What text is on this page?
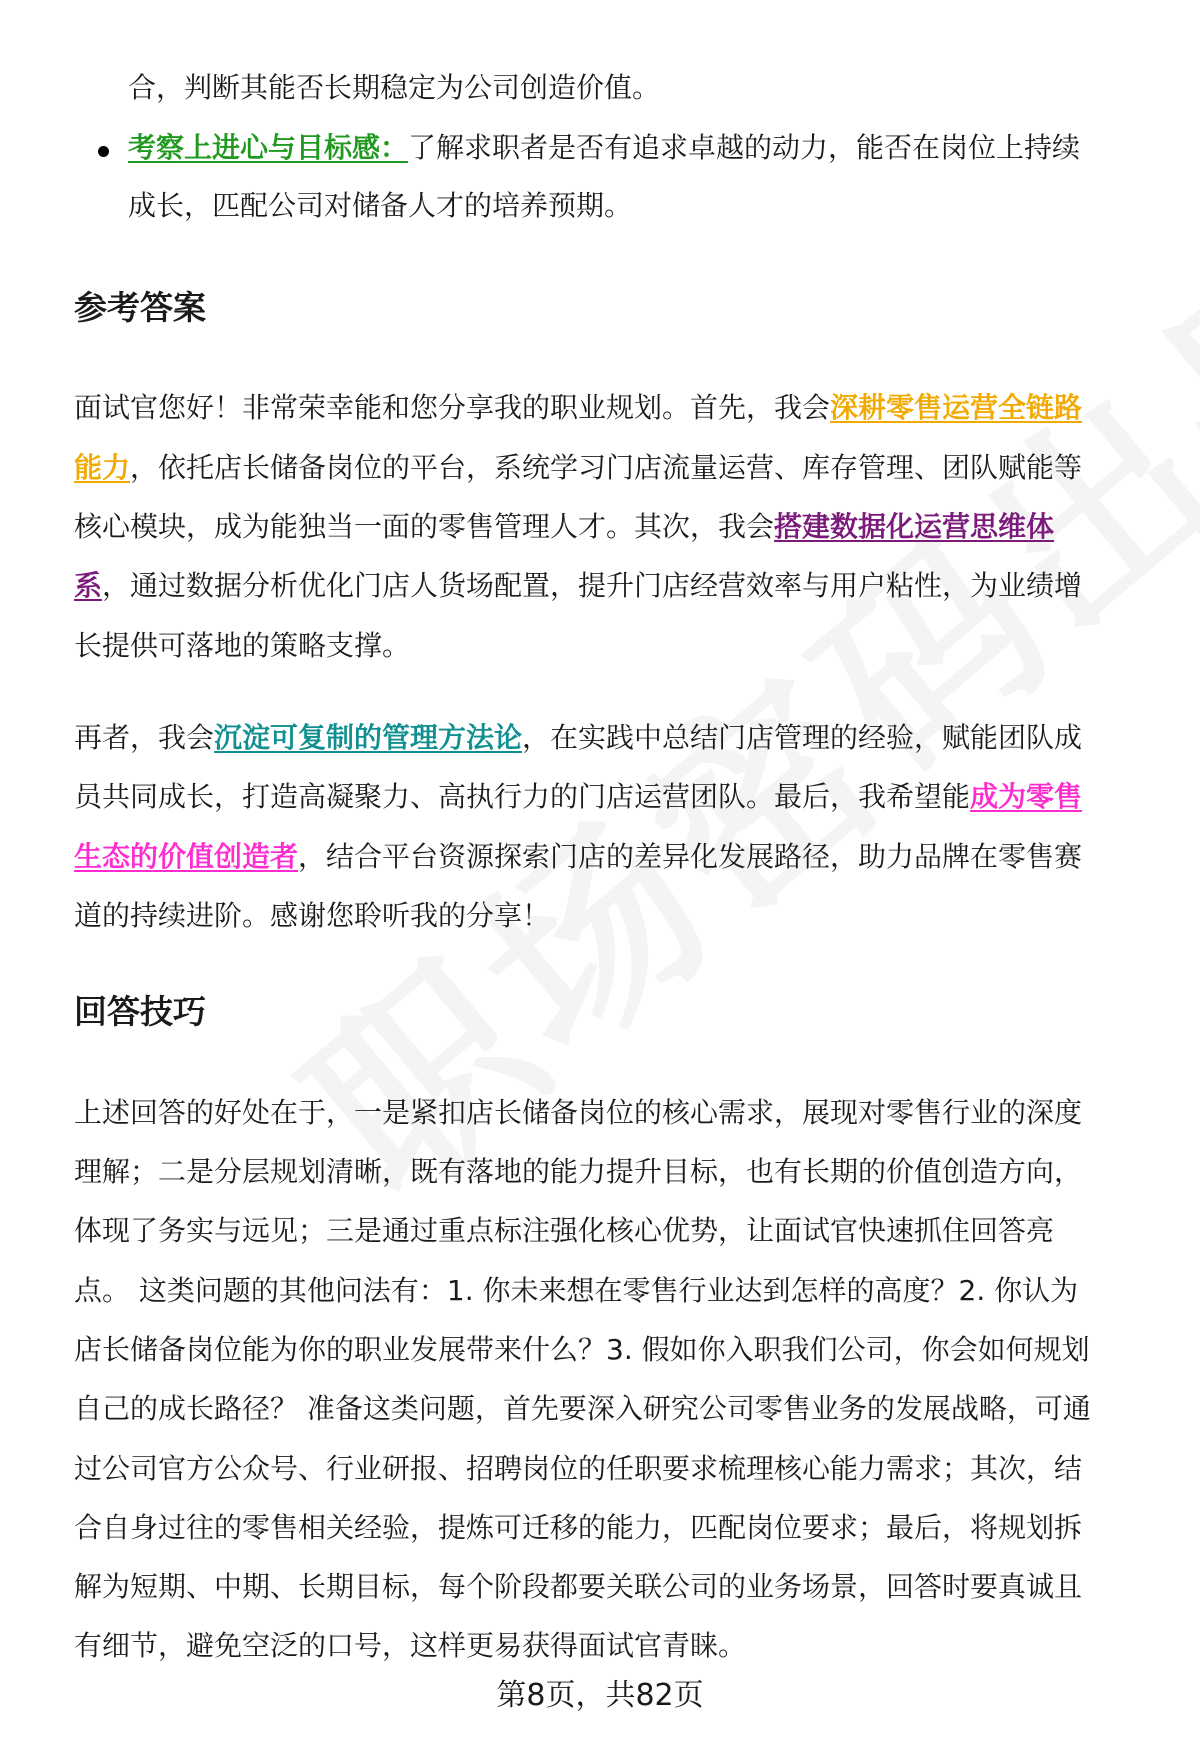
合，判断其能否长期稳定为公司创造价值。
考察上进心与目标感：了解求职者是否有追求卓越的动力，能否在岗位上持续
成长，匹配公司对储备人才的培养预期。
参考答案
面试官您好！非常荣幸能和您分享我的职业规划。首先，我会深耕零售运营全链路
能力，依托店长储备岗位的平台，系统学习门店流量运营、库存管理、团队赋能等
核心模块，成为能独当一面的零售管理人才。其次，我会搭建数据化运营思维体
系，通过数据分析优化门店人货场配置，提升门店经营效率与用户粘性，为业绩增
长提供可落地的策略支撑。
再者，我会沉淀可复制的管理方法论，在实践中总结门店管理的经验，赋能团队成
员共同成长，打造高凝聚力、高执行力的门店运营团队。最后，我希望能成为零售
生态的价值创造者，结合平台资源探索门店的差异化发展路径，助力品牌在零售赛
道的持续进阶。感谢您聆听我的分享！
回答技巧
上述回答的好处在于，一是紧扣店长储备岗位的核心需求，展现对零售行业的深度
理解；二是分层规划清晰，既有落地的能力提升目标，也有长期的价值创造方向，
体现了务实与远见；三是通过重点标注强化核心优势，让面试官快速抓住回答亮
点。 这类问题的其他问法有：1. 你未来想在零售行业达到怎样的高度？2. 你认为
店长储备岗位能为你的职业发展带来什么？3. 假如你入职我们公司，你会如何规划
自己的成长路径？ 准备这类问题，首先要深入研究公司零售业务的发展战略，可通
过公司官方公众号、行业研报、招聘岗位的任职要求梳理核心能力需求；其次，结
合自身过往的零售相关经验，提炼可迁移的能力，匹配岗位要求；最后，将规划拆
解为短期、中期、长期目标，每个阶段都要关联公司的业务场景，回答时要真诚且
有细节，避免空泛的口号，这样更易获得面试官青睐。
第8页，共82页
